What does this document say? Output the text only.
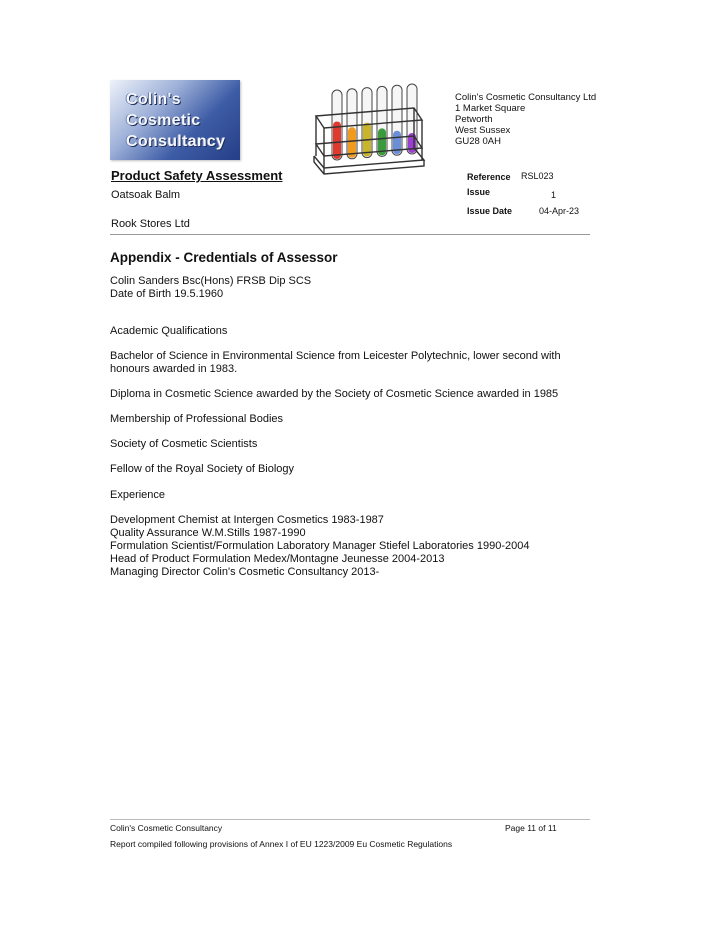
Colin's
Cosmetic
Consultancy
Colin's Cosmetic Consultancy Ltd
1 Market Square
Petworth
West Sussex
GU28 0AH
Product Safety Assessment
Oatsoak Balm
Rook Stores Ltd
Reference RSL023
Issue	1
Issue Date	04-Apr-23
Appendix - Credentials of Assessor
Colin Sanders Bsc(Hons) FRSB Dip SCS
Date of Birth 19.5.1960
Academic Qualifications
Bachelor of Science in Environmental Science from Leicester Polytechnic, lower second with
honours awarded in 1983.
Diploma in Cosmetic Science awarded by the Society of Cosmetic Science awarded in 1985
Membership of Professional Bodies
Society of Cosmetic Scientists
Fellow of the Royal Society of Biology
Experience
Development Chemist at Intergen Cosmetics 1983-1987
Quality Assurance W.M.Stills 1987-1990
Formulation Scientist/Formulation Laboratory Manager Stiefel Laboratories 1990-2004
Head of Product Formulation Medex/Montagne Jeunesse 2004-2013
Managing Director Colin's Cosmetic Consultancy 2013-
Colin's Cosmetic Consultancy	Page 11 of 11
Report compiled following provisions of Annex I of EU 1223/2009 Eu Cosmetic Regulations
